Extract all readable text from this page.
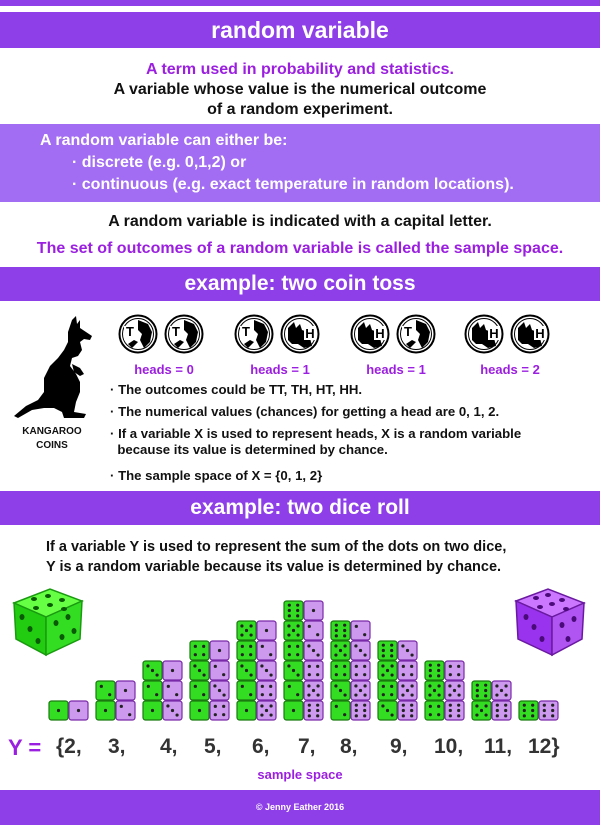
random variable
A term used in probability and statistics.
A variable whose value is the numerical outcome
of a random experiment.
A random variable can either be:
· discrete (e.g. 0,1,2) or
· continuous (e.g. exact temperature in random locations).
A random variable is indicated with a capital letter.
The set of outcomes of a random variable is called the sample space.
example: two coin toss
KANGAROO
COINS
T	T
heads = 0
T	H
heads = 1
H T
heads = 1
H	H
heads = 2
· The outcomes could be TT, TH, HT, HH.
· The numerical values (chances) for getting a head are 0, 1, 2.
· If a variable X is used to represent heads, X is a random variable
because its value is determined by chance.
· The sample space of X = {0, 1, 2}
example: two dice roll
If a variable Y is used to represent the sum of the dots on two dice,
Y is a random variable because its value is determined by chance.
Y = {2, 3, 4, 5, 6, 7, 8, 9, 10, 11, 12}
sample space
© Jenny Eather 2016
